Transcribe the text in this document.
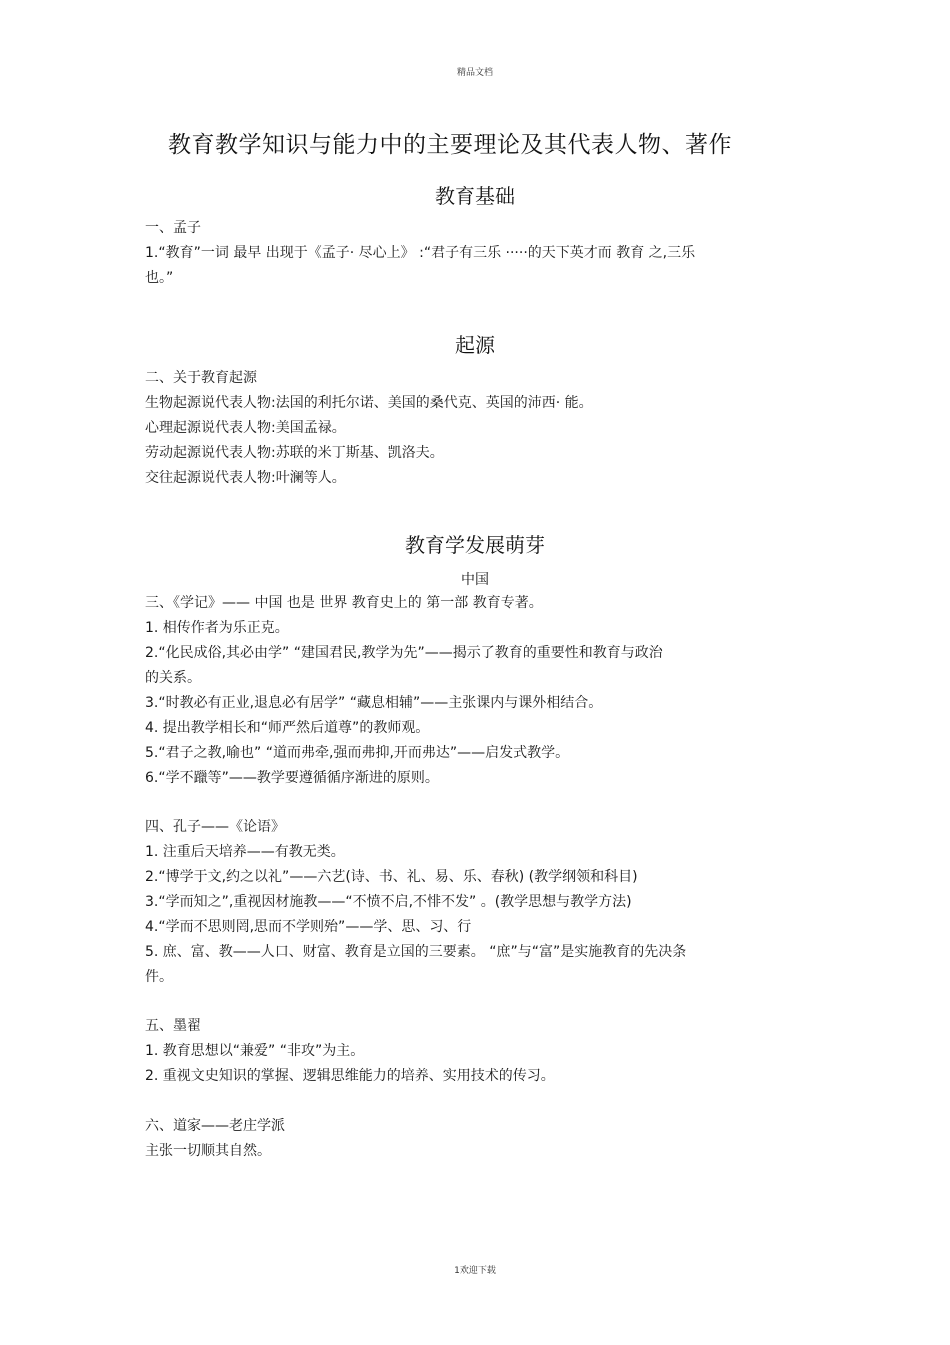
精品文档
教育教学知识与能力中的主要理论及其代表人物、著作
教育基础
一、孟子
1.“教育”一词 最早 出现于《孟子· 尽心上》 :“君子有三乐 ·····的天下英才而 教育 之,三乐
也。”
起源
二、关于教育起源
生物起源说代表人物:法国的利托尔诺、美国的桑代克、英国的沛西· 能。
心理起源说代表人物:美国孟禄。
劳动起源说代表人物:苏联的米丁斯基、凯洛夫。
交往起源说代表人物:叶澜等人。
教育学发展萌芽
中国
三、《学记》—— 中国 也是 世界 教育史上的 第一部 教育专著。
1. 相传作者为乐正克。
2.“化民成俗,其必由学” “建国君民,教学为先”——揭示了教育的重要性和教育与政治
的关系。
3.“时教必有正业,退息必有居学” “藏息相辅”——主张课内与课外相结合。
4. 提出教学相长和“师严然后道尊”的教师观。
5.“君子之教,喻也” “道而弗牵,强而弗抑,开而弗达”——启发式教学。
6.“学不躐等”——教学要遵循循序渐进的原则。
四、孔子——《论语》
1. 注重后天培养——有教无类。
2.“博学于文,约之以礼”——六艺(诗、书、礼、易、乐、春秋) (教学纲领和科目)
3.“学而知之”,重视因材施教——“不愤不启,不悱不发” 。(教学思想与教学方法)
4.“学而不思则罔,思而不学则殆”——学、思、习、行
5. 庶、富、教——人口、财富、教育是立国的三要素。 “庶”与“富”是实施教育的先决条
件。
五、墨翟
1. 教育思想以“兼爱” “非攻”为主。
2. 重视文史知识的掌握、逻辑思维能力的培养、实用技术的传习。
六、道家——老庄学派
主张一切顺其自然。
1欢迎下载
